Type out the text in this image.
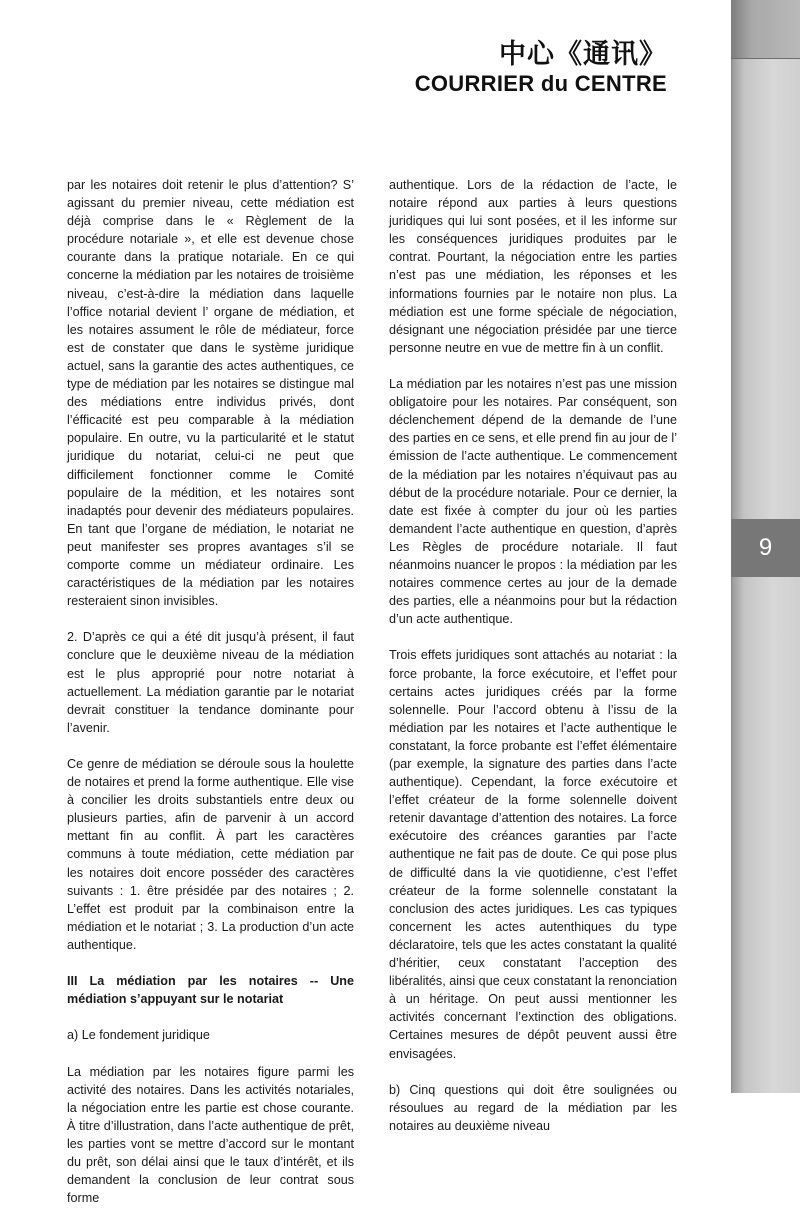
9
中心《通讯》
COURRIER du CENTRE

par les notaires doit retenir le plus d’attention? S’ agissant du premier niveau, cette médiation est déjà comprise dans le « Règlement de la procédure notariale », et elle est devenue chose courante dans la pratique notariale. En ce qui concerne la médiation par les notaires de troisième niveau, c’est-à-dire la médiation dans laquelle l’office notarial devient l’ organe de médiation, et les notaires assument le rôle de médiateur, force est de constater que dans le système juridique actuel, sans la garantie des actes authentiques, ce type de médiation par les notaires se distingue mal des médiations entre individus privés, dont l’éfficacité est peu comparable à la médiation populaire. En outre, vu la particularité et le statut juridique du notariat, celui-ci ne peut que difficilement fonctionner comme le Comité populaire de la médition, et les notaires sont inadaptés pour devenir des médiateurs populaires. En tant que l’organe de médiation, le notariat ne peut manifester ses propres avantages s’il se comporte comme un médiateur ordinaire. Les caractéristiques de la médiation par les notaires resteraient sinon invisibles.

2. D’après ce qui a été dit jusqu’à présent, il faut conclure que le deuxième niveau de la médiation est le plus approprié pour notre notariat à actuellement. La médiation garantie par le notariat devrait constituer la tendance dominante pour l’avenir.

Ce genre de médiation se déroule sous la houlette de notaires et prend la forme authentique. Elle vise à concilier les droits substantiels entre deux ou plusieurs parties, afin de parvenir à un accord mettant fin au conflit. À part les caractères communs à toute médiation, cette médiation par les notaires doit encore posséder des caractères suivants : 1. être présidée par des notaires ; 2. L’effet est produit par la combinaison entre la médiation et le notariat ; 3. La production d’un acte authentique.

III La médiation par les notaires -- Une médiation s’appuyant sur le notariat

a) Le fondement juridique

La médiation par les notaires figure parmi les activité des notaires. Dans les activités notariales, la négociation entre les partie est chose courante. À titre d’illustration, dans l’acte authentique de prêt, les parties vont se mettre d’accord sur le montant du prêt, son délai ainsi que le taux d’intérêt, et ils demandent la conclusion de leur contrat sous forme

authentique. Lors de la rédaction de l’acte, le notaire répond aux parties à leurs questions juridiques qui lui sont posées, et il les informe sur les conséquences juridiques produites par le contrat. Pourtant, la négociation entre les parties n’est pas une médiation, les réponses et les informations fournies par le notaire non plus. La médiation est une forme spéciale de négociation, désignant une négociation présidée par une tierce personne neutre en vue de mettre fin à un conflit.

La médiation par les notaires n’est pas une mission obligatoire pour les notaires. Par conséquent, son déclenchement dépend de la demande de l’une des parties en ce sens, et elle prend fin au jour de l’ émission de l’acte authentique. Le commencement de la médiation par les notaires n’équivaut pas au début de la procédure notariale. Pour ce dernier, la date est fixée à compter du jour où les parties demandent l’acte authentique en question, d’après Les Règles de procédure notariale. Il faut néanmoins nuancer le propos : la médiation par les notaires commence certes au jour de la demade des parties, elle a néanmoins pour but la rédaction d’un acte authentique.

Trois effets juridiques sont attachés au notariat : la force probante, la force exécutoire, et l’effet pour certains actes juridiques créés par la forme solennelle. Pour l’accord obtenu à l’issu de la médiation par les notaires et l’acte authentique le constatant, la force probante est l’effet élémentaire (par exemple, la signature des parties dans l’acte authentique). Cependant, la force exécutoire et l’effet créateur de la forme solennelle doivent retenir davantage d’attention des notaires. La force exécutoire des créances garanties par l’acte authentique ne fait pas de doute. Ce qui pose plus de difficulté dans la vie quotidienne, c’est l’effet créateur de la forme solennelle constatant la conclusion des actes juridiques. Les cas typiques concernent les actes autenthiques du type déclaratoire, tels que les actes constatant la qualité d’héritier, ceux constatant l’acception des libéralités, ainsi que ceux constatant la renonciation à un héritage. On peut aussi mentionner les activités concernant l’extinction des obligations. Certaines mesures de dépôt peuvent aussi être envisagées.

b) Cinq questions qui doit être soulignées ou résoulues au regard de la médiation par les notaires au deuxième niveau
